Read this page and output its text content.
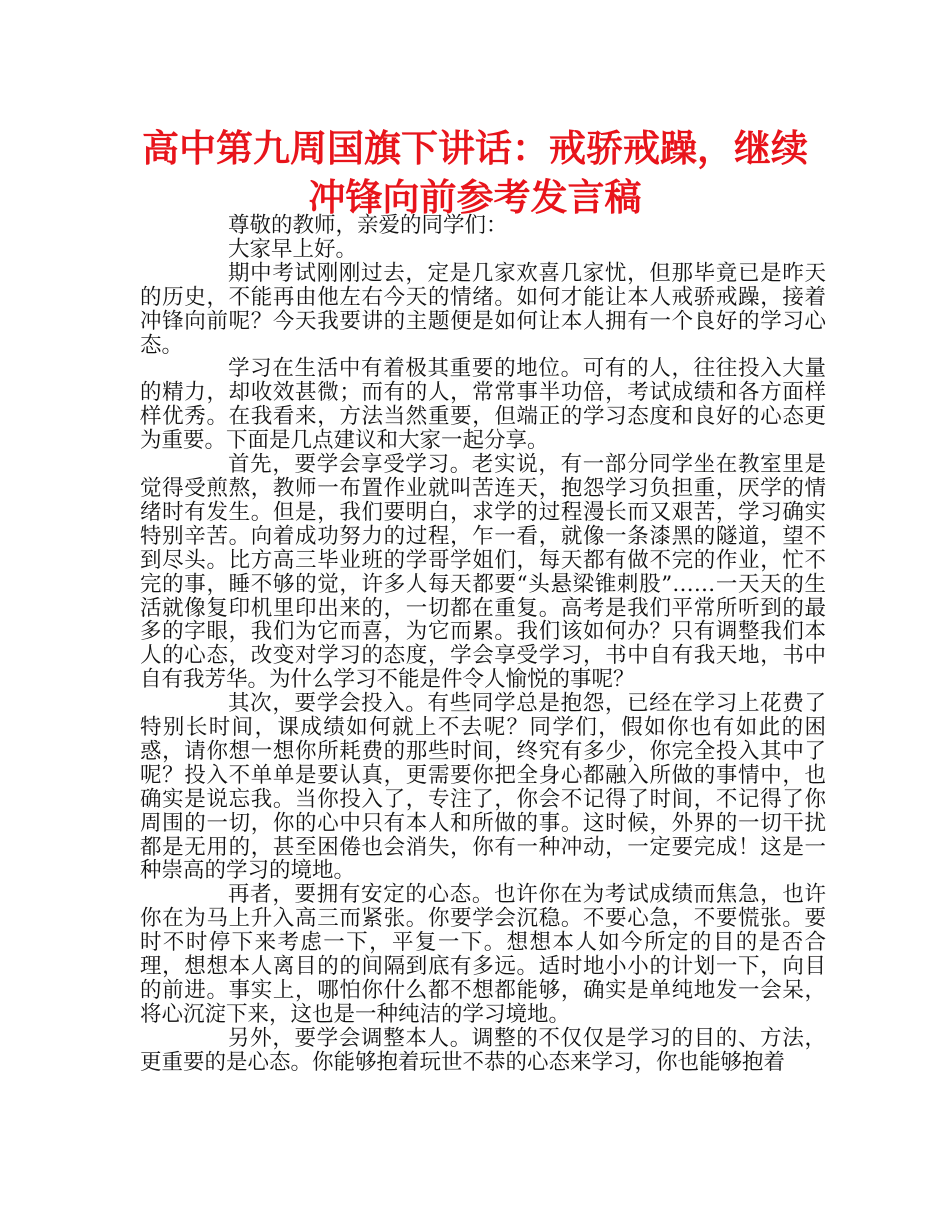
高中第九周国旗下讲话：戒骄戒躁，继续冲锋向前参考发言稿

尊敬的教师，亲爱的同学们：

大家早上好。

期中考试刚刚过去，定是几家欢喜几家忧，但那毕竟已是昨天的历史，不能再由他左右今天的情绪。如何才能让本人戒骄戒躁，接着冲锋向前呢？今天我要讲的主题便是如何让本人拥有一个良好的学习心态。

学习在生活中有着极其重要的地位。可有的人，往往投入大量的精力，却收效甚微；而有的人，常常事半功倍，考试成绩和各方面样样优秀。在我看来，方法当然重要，但端正的学习态度和良好的心态更为重要。下面是几点建议和大家一起分享。

首先，要学会享受学习。老实说，有一部分同学坐在教室里是觉得受煎熬，教师一布置作业就叫苦连天，抱怨学习负担重，厌学的情绪时有发生。但是，我们要明白，求学的过程漫长而又艰苦，学习确实特别辛苦。向着成功努力的过程，乍一看，就像一条漆黑的隧道，望不到尽头。比方高三毕业班的学哥学姐们，每天都有做不完的作业，忙不完的事，睡不够的觉，许多人每天都要“头悬梁锥刺股”……一天天的生活就像复印机里印出来的，一切都在重复。高考是我们平常所听到的最多的字眼，我们为它而喜，为它而累。我们该如何办？只有调整我们本人的心态，改变对学习的态度，学会享受学习，书中自有我天地，书中自有我芳华。为什么学习不能是件令人愉悦的事呢？

其次，要学会投入。有些同学总是抱怨，已经在学习上花费了特别长时间，课成绩如何就上不去呢？同学们，假如你也有如此的困惑，请你想一想你所耗费的那些时间，终究有多少，你完全投入其中了呢？投入不单单是要认真，更需要你把全身心都融入所做的事情中，也确实是说忘我。当你投入了，专注了，你会不记得了时间，不记得了你周围的一切，你的心中只有本人和所做的事。这时候，外界的一切干扰都是无用的，甚至困倦也会消失，你有一种冲动，一定要完成！这是一种崇高的学习的境地。

再者，要拥有安定的心态。也许你在为考试成绩而焦急，也许你在为马上升入高三而紧张。你要学会沉稳。不要心急，不要慌张。要时不时停下来考虑一下，平复一下。想想本人如今所定的目的是否合理，想想本人离目的的间隔到底有多远。适时地小小的计划一下，向目的前进。事实上，哪怕你什么都不想都能够，确实是单纯地发一会呆，将心沉淀下来，这也是一种纯洁的学习境地。

另外，要学会调整本人。调整的不仅仅是学习的目的、方法，更重要的是心态。你能够抱着玩世不恭的心态来学习，你也能够抱着
